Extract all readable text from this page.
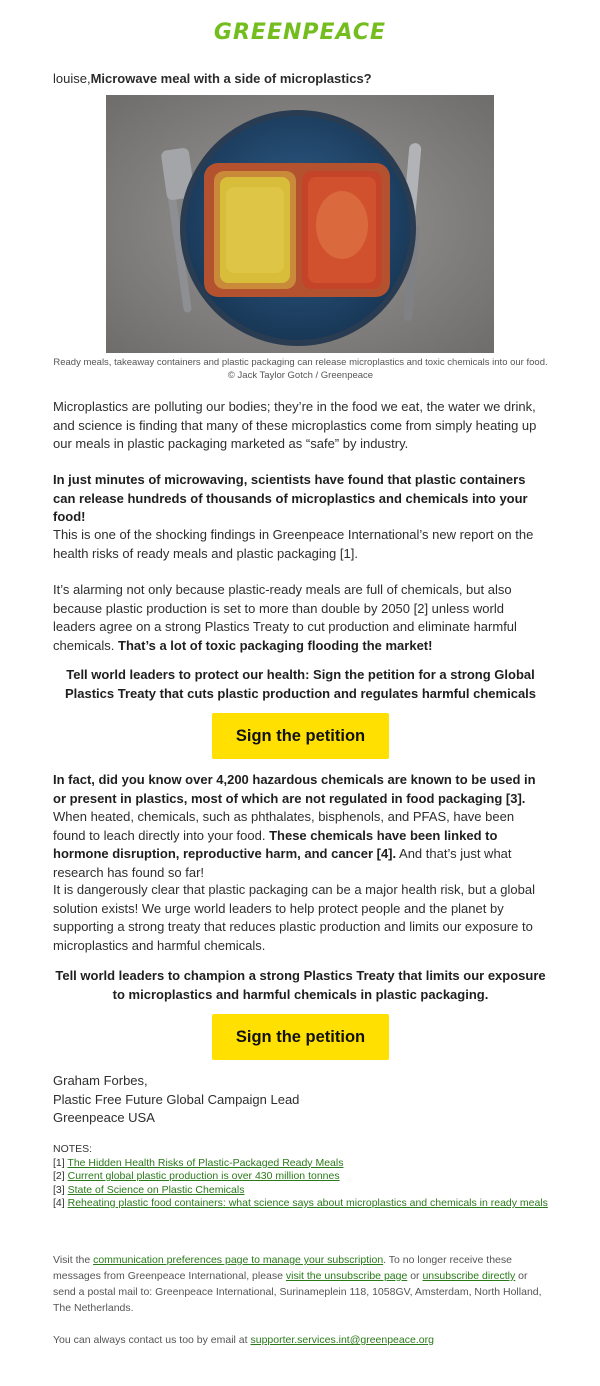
GREENPEACE
louise,Microwave meal with a side of microplastics?
Ready meals, takeaway containers and plastic packaging can release microplastics and toxic chemicals into our food. © Jack Taylor Gotch / Greenpeace

Microplastics are polluting our bodies; they’re in the food we eat, the water we drink, and science is finding that many of these microplastics come from simply heating up our meals in plastic packaging marketed as “safe” by industry.

In just minutes of microwaving, scientists have found that plastic containers can release hundreds of thousands of microplastics and chemicals into your food!

This is one of the shocking findings in Greenpeace International’s new report on the health risks of ready meals and plastic packaging [1].

It’s alarming not only because plastic-ready meals are full of chemicals, but also because plastic production is set to more than double by 2050 [2] unless world leaders agree on a strong Plastics Treaty to cut production and eliminate harmful chemicals. That’s a lot of toxic packaging flooding the market!

Tell world leaders to protect our health: Sign the petition for a strong Global Plastics Treaty that cuts plastic production and regulates harmful chemicals

Sign the petition

In fact, did you know over 4,200 hazardous chemicals are known to be used in or present in plastics, most of which are not regulated in food packaging [3]. When heated, chemicals, such as phthalates, bisphenols, and PFAS, have been found to leach directly into your food. These chemicals have been linked to hormone disruption, reproductive harm, and cancer [4]. And that’s just what research has found so far!

It is dangerously clear that plastic packaging can be a major health risk, but a global solution exists! We urge world leaders to help protect people and the planet by supporting a strong treaty that reduces plastic production and limits our exposure to microplastics and harmful chemicals.

Tell world leaders to champion a strong Plastics Treaty that limits our exposure to microplastics and harmful chemicals in plastic packaging.

Sign the petition
Graham Forbes,
Plastic Free Future Global Campaign Lead
Greenpeace USA
NOTES:
[1] The Hidden Health Risks of Plastic-Packaged Ready Meals
[2] Current global plastic production is over 430 million tonnes
[3] State of Science on Plastic Chemicals
[4] Reheating plastic food containers: what science says about microplastics and chemicals in ready meals
Visit the communication preferences page to manage your subscription. To no longer receive these messages from Greenpeace International, please visit the unsubscribe page or unsubscribe directly or send a postal mail to: Greenpeace International, Surinameplein 118, 1058GV, Amsterdam, North Holland, The Netherlands.
You can always contact us too by email at supporter.services.int@greenpeace.org
